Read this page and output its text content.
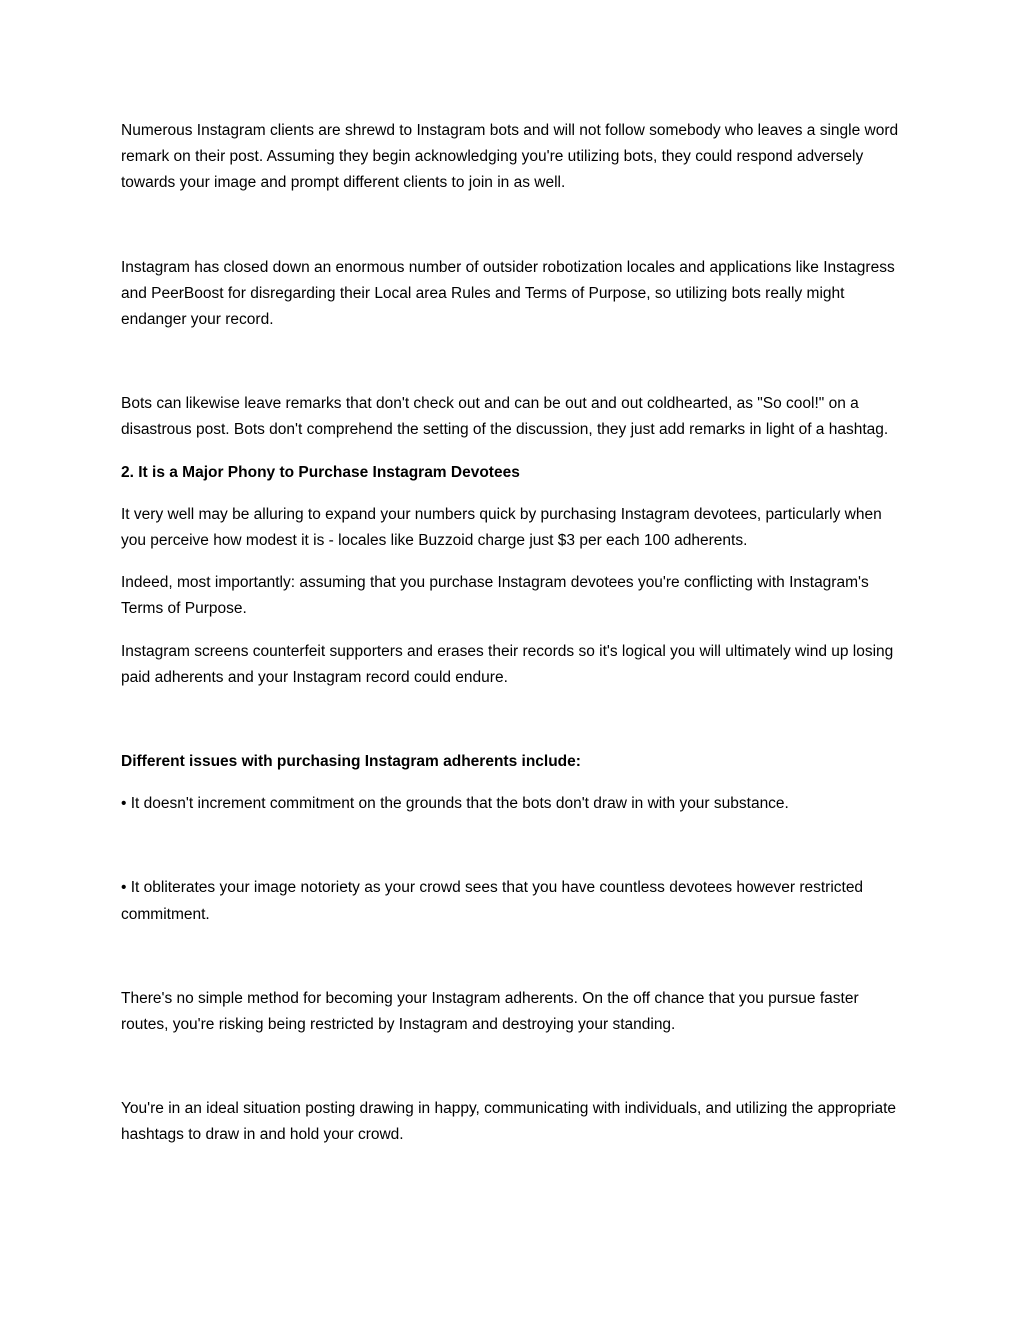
Numerous Instagram clients are shrewd to Instagram bots and will not follow somebody who leaves a single word remark on their post. Assuming they begin acknowledging you're utilizing bots, they could respond adversely towards your image and prompt different clients to join in as well.

Instagram has closed down an enormous number of outsider robotization locales and applications like Instagress and PeerBoost for disregarding their Local area Rules and Terms of Purpose, so utilizing bots really might endanger your record.

Bots can likewise leave remarks that don't check out and can be out and out coldhearted, as "So cool!" on a disastrous post. Bots don't comprehend the setting of the discussion, they just add remarks in light of a hashtag.

2. It is a Major Phony to Purchase Instagram Devotees

It very well may be alluring to expand your numbers quick by purchasing Instagram devotees, particularly when you perceive how modest it is - locales like Buzzoid charge just $3 per each 100 adherents.

Indeed, most importantly: assuming that you purchase Instagram devotees you're conflicting with Instagram's Terms of Purpose.

Instagram screens counterfeit supporters and erases their records so it's logical you will ultimately wind up losing paid adherents and your Instagram record could endure.

Different issues with purchasing Instagram adherents include:

• It doesn't increment commitment on the grounds that the bots don't draw in with your substance.

• It obliterates your image notoriety as your crowd sees that you have countless devotees however restricted commitment.

There's no simple method for becoming your Instagram adherents. On the off chance that you pursue faster routes, you're risking being restricted by Instagram and destroying your standing.

You're in an ideal situation posting drawing in happy, communicating with individuals, and utilizing the appropriate hashtags to draw in and hold your crowd.
